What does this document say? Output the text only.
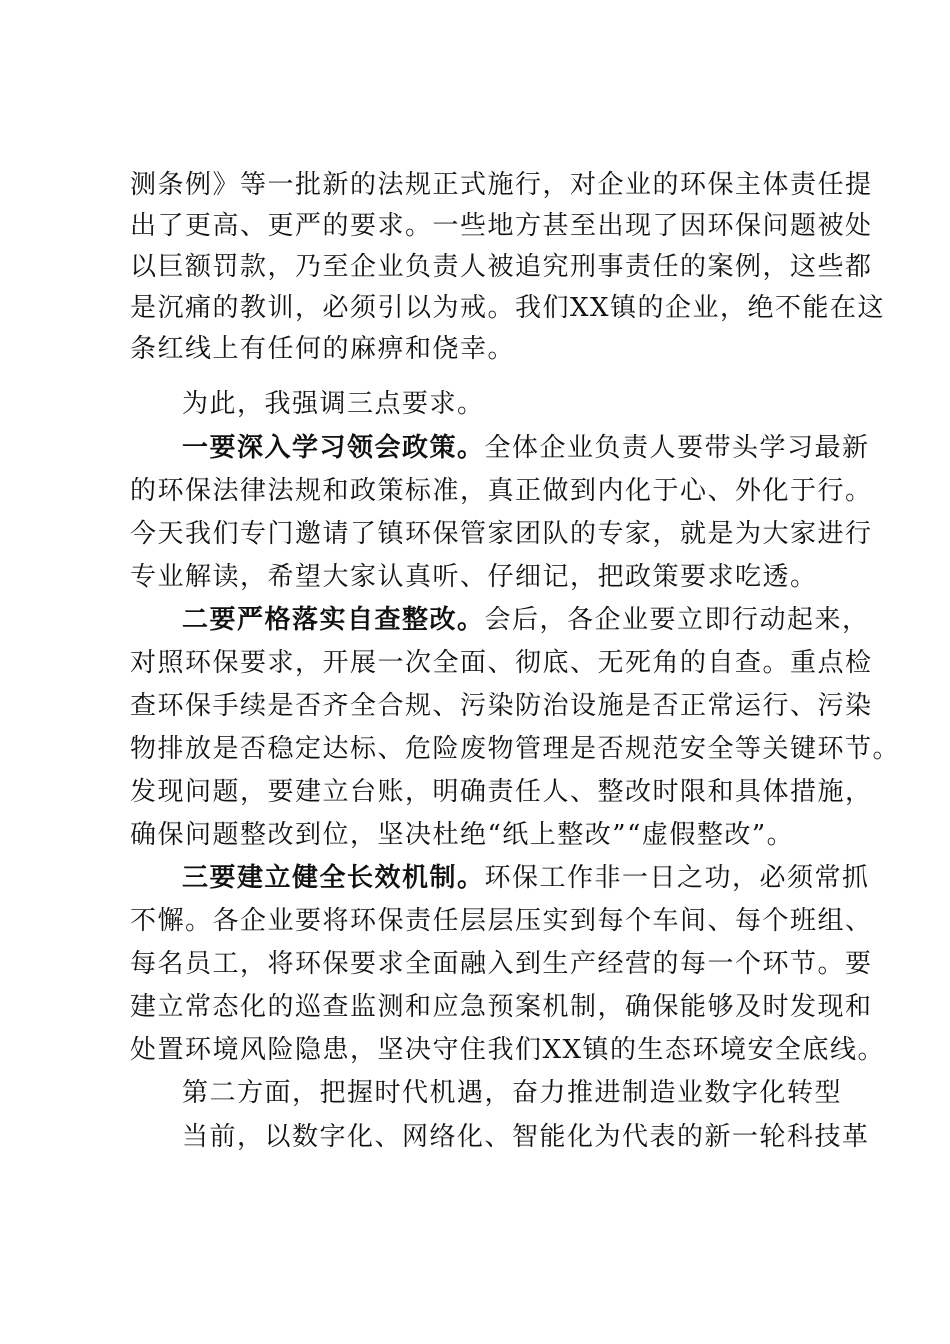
测条例》等一批新的法规正式施行，对企业的环保主体责任提
出了更高、更严的要求。一些地方甚至出现了因环保问题被处
以巨额罚款，乃至企业负责人被追究刑事责任的案例，这些都
是沉痛的教训，必须引以为戒。我们XX镇的企业，绝不能在这
条红线上有任何的麻痹和侥幸。
为此，我强调三点要求。
一要深入学习领会政策。全体企业负责人要带头学习最新
的环保法律法规和政策标准，真正做到内化于心、外化于行。
今天我们专门邀请了镇环保管家团队的专家，就是为大家进行
专业解读，希望大家认真听、仔细记，把政策要求吃透。
二要严格落实自查整改。会后，各企业要立即行动起来，
对照环保要求，开展一次全面、彻底、无死角的自查。重点检
查环保手续是否齐全合规、污染防治设施是否正常运行、污染
物排放是否稳定达标、危险废物管理是否规范安全等关键环节。
发现问题，要建立台账，明确责任人、整改时限和具体措施，
确保问题整改到位，坚决杜绝“纸上整改”“虚假整改”。
三要建立健全长效机制。环保工作非一日之功，必须常抓
不懈。各企业要将环保责任层层压实到每个车间、每个班组、
每名员工，将环保要求全面融入到生产经营的每一个环节。要
建立常态化的巡查监测和应急预案机制，确保能够及时发现和
处置环境风险隐患，坚决守住我们XX镇的生态环境安全底线。
第二方面，把握时代机遇，奋力推进制造业数字化转型
当前，以数字化、网络化、智能化为代表的新一轮科技革
